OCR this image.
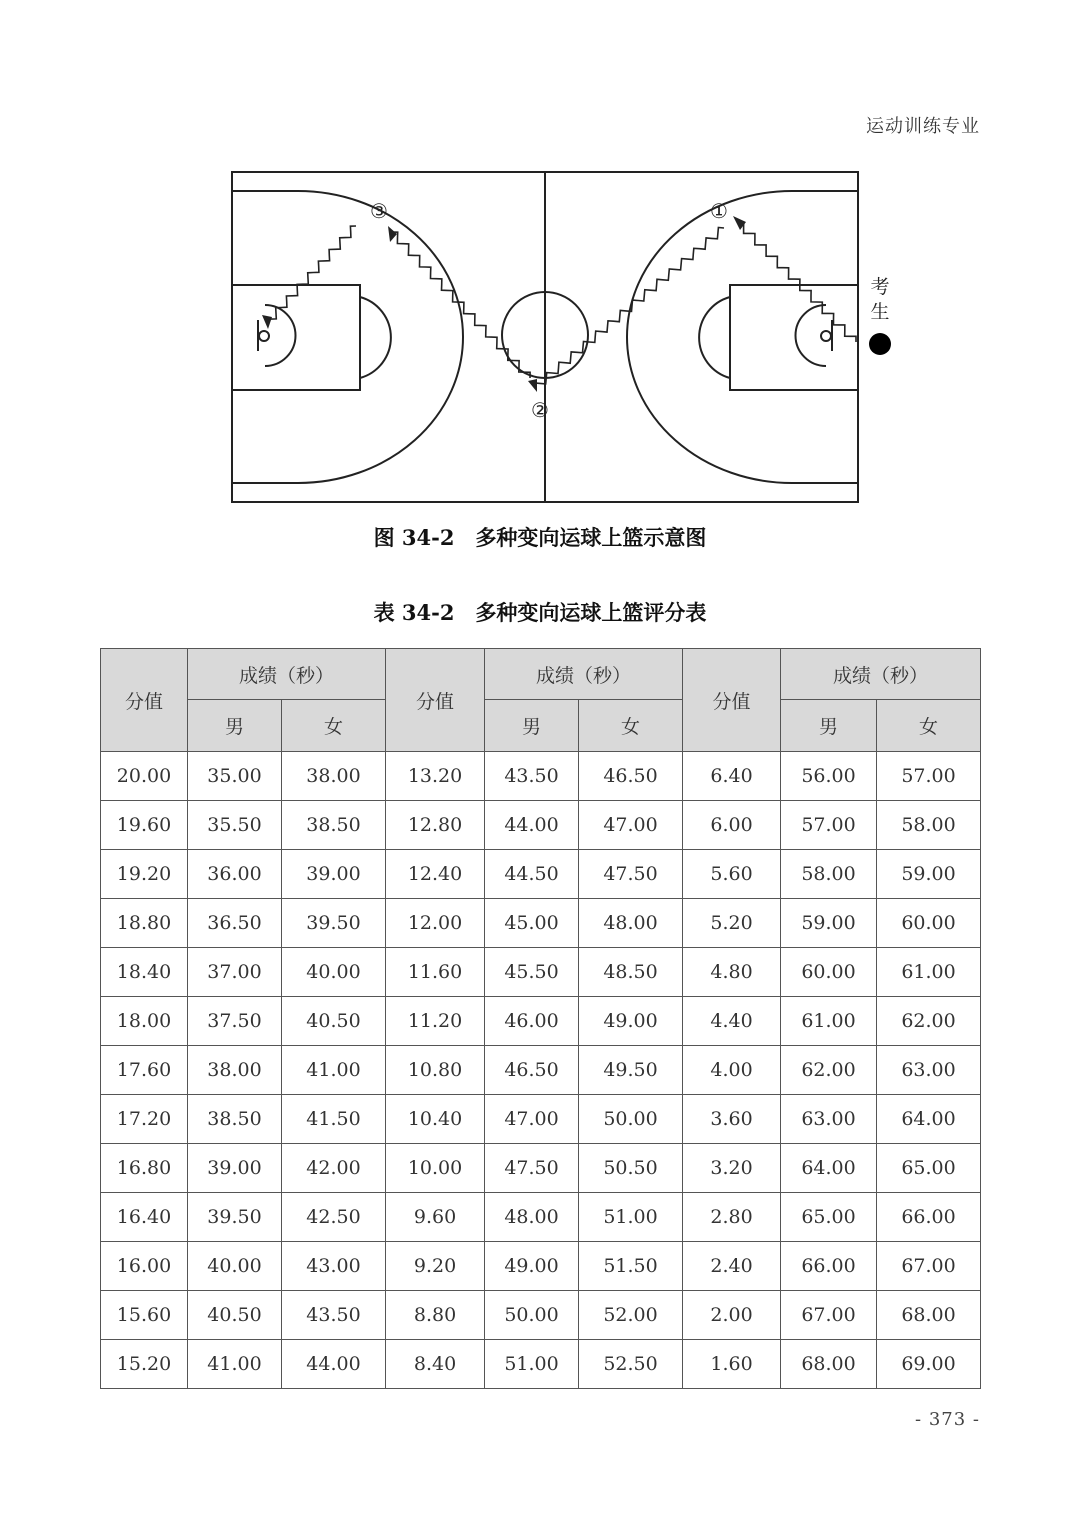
运动训练专业
①
②
③
考
生
图 34-2　多种变向运球上篮示意图
表 34-2　多种变向运球上篮评分表
分值	成绩（秒）		分值	成绩（秒）		分值	成绩（秒）	
	男	女		男	女		男	女
20.00	35.00	38.00	13.20	43.50	46.50	6.40	56.00	57.00
19.60	35.50	38.50	12.80	44.00	47.00	6.00	57.00	58.00
19.20	36.00	39.00	12.40	44.50	47.50	5.60	58.00	59.00
18.80	36.50	39.50	12.00	45.00	48.00	5.20	59.00	60.00
18.40	37.00	40.00	11.60	45.50	48.50	4.80	60.00	61.00
18.00	37.50	40.50	11.20	46.00	49.00	4.40	61.00	62.00
17.60	38.00	41.00	10.80	46.50	49.50	4.00	62.00	63.00
17.20	38.50	41.50	10.40	47.00	50.00	3.60	63.00	64.00
16.80	39.00	42.00	10.00	47.50	50.50	3.20	64.00	65.00
16.40	39.50	42.50	9.60	48.00	51.00	2.80	65.00	66.00
16.00	40.00	43.00	9.20	49.00	51.50	2.40	66.00	67.00
15.60	40.50	43.50	8.80	50.00	52.00	2.00	67.00	68.00
15.20	41.00	44.00	8.40	51.00	52.50	1.60	68.00	69.00
- 373 -
